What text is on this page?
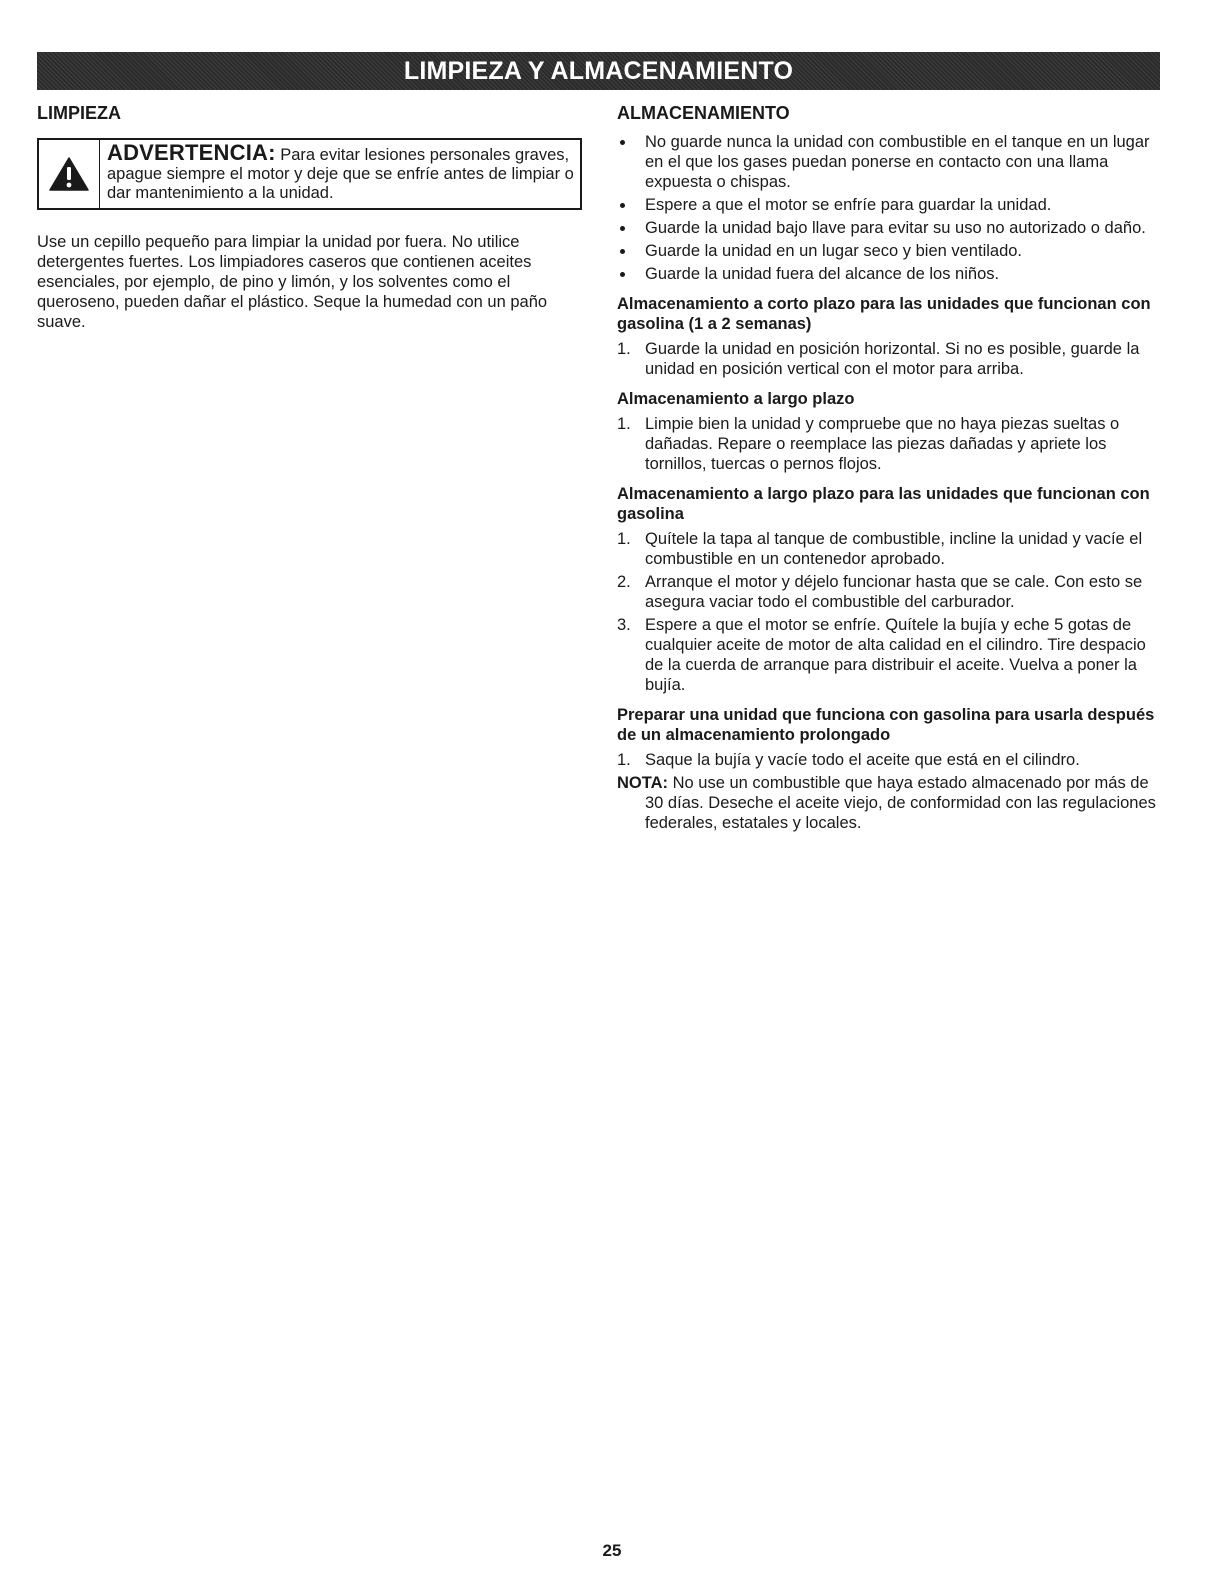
LIMPIEZA Y ALMACENAMIENTO
LIMPIEZA
ADVERTENCIA: Para evitar lesiones personales graves, apague siempre el motor y deje que se enfríe antes de limpiar o dar mantenimiento a la unidad.

Use un cepillo pequeño para limpiar la unidad por fuera. No utilice detergentes fuertes. Los limpiadores caseros que contienen aceites esenciales, por ejemplo, de pino y limón, y los solventes como el queroseno, pueden dañar el plástico. Seque la humedad con un paño suave.

ALMACENAMIENTO
No guarde nunca la unidad con combustible en el tanque en un lugar en el que los gases puedan ponerse en contacto con una llama expuesta o chispas.
Espere a que el motor se enfríe para guardar la unidad.
Guarde la unidad bajo llave para evitar su uso no autorizado o daño.
Guarde la unidad en un lugar seco y bien ventilado.
Guarde la unidad fuera del alcance de los niños.
Almacenamiento a corto plazo para las unidades que funcionan con gasolina (1 a 2 semanas)
1. Guarde la unidad en posición horizontal. Si no es posible, guarde la unidad en posición vertical con el motor para arriba.
Almacenamiento a largo plazo
1. Limpie bien la unidad y compruebe que no haya piezas sueltas o dañadas. Repare o reemplace las piezas dañadas y apriete los tornillos, tuercas o pernos flojos.
Almacenamiento a largo plazo para las unidades que funcionan con gasolina
1. Quítele la tapa al tanque de combustible, incline la unidad y vacíe el combustible en un contenedor aprobado.
2. Arranque el motor y déjelo funcionar hasta que se cale. Con esto se asegura vaciar todo el combustible del carburador.
3. Espere a que el motor se enfríe. Quítele la bujía y eche 5 gotas de cualquier aceite de motor de alta calidad en el cilindro. Tire despacio de la cuerda de arranque para distribuir el aceite. Vuelva a poner la bujía.
Preparar una unidad que funciona con gasolina para usarla después de un almacenamiento prolongado
1. Saque la bujía y vacíe todo el aceite que está en el cilindro.
NOTA: No use un combustible que haya estado almacenado por más de 30 días. Deseche el aceite viejo, de conformidad con las regulaciones federales, estatales y locales.
25
